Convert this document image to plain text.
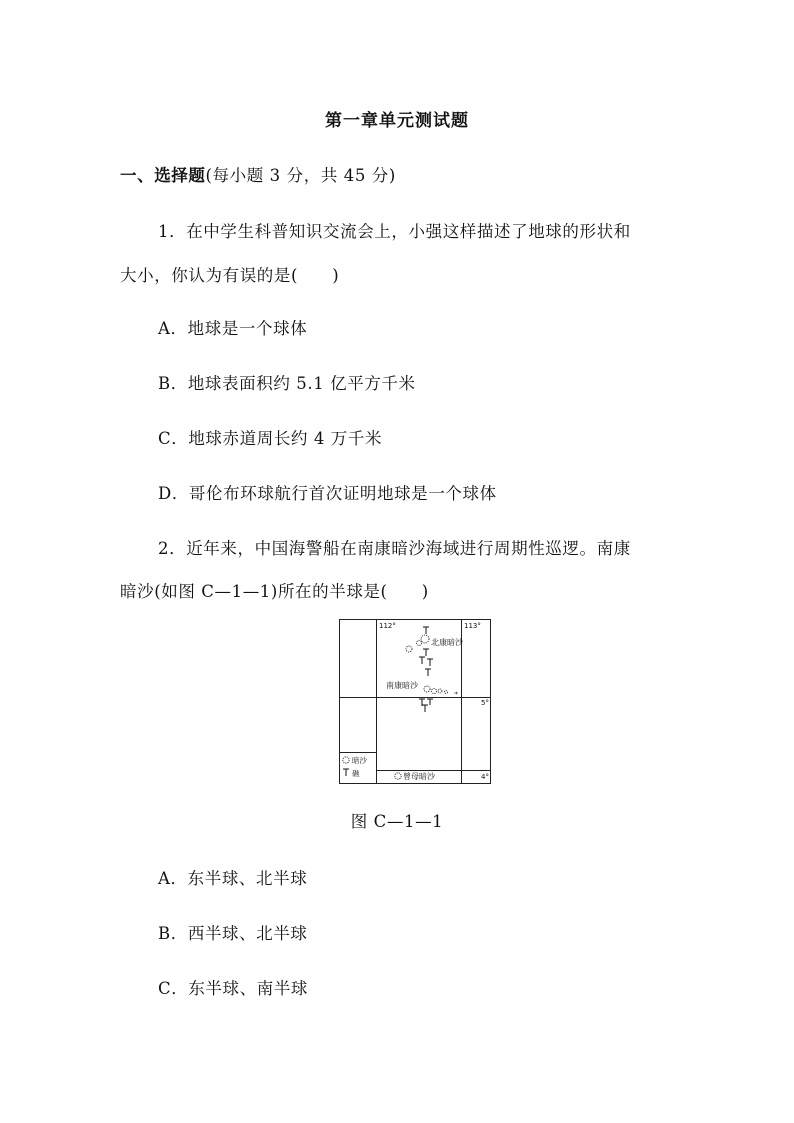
第一章单元测试题
一、选择题(每小题 3 分，共 45 分)
1．在中学生科普知识交流会上，小强这样描述了地球的形状和
大小，你认为有误的是(　　)
A．地球是一个球体
B．地球表面积约 5.1 亿平方千米
C．地球赤道周长约 4 万千米
D．哥伦布环球航行首次证明地球是一个球体
2．近年来，中国海警船在南康暗沙海域进行周期性巡逻。南康
暗沙(如图 C—1—1)所在的半球是(　　)
112°	113°
5°
4°
北康暗沙
南康暗沙
暗沙
礁	曾母暗沙
图 C—1—1
A．东半球、北半球
B．西半球、北半球
C．东半球、南半球
